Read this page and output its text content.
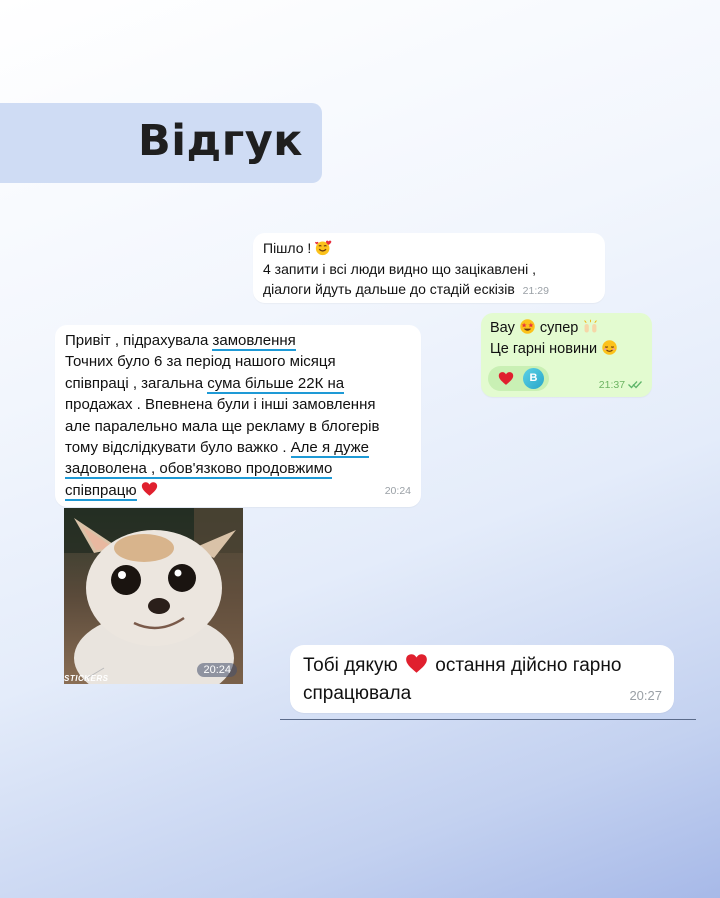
Відгук
Пішло !
4 запити і всі люди видно що зацікавлені ,
діалоги йдуть дальше до стадій ескізів 21:29
Вау супер
Це гарні новини
В
21:37
Привіт , підрахувала замовлення
Точних було 6 за період нашого місяця
співпраці , загальна сума більше 22К на
продажах . Впевнена були і інші замовлення
але паралельно мала ще рекламу в блогерів
тому відслідкувати було важко . Але я дуже
задоволена , обов'язково продовжимо
співпрацю	20:24
STICKERS
20:24	Тобі дякую остання дійсно гарно
спрацювала	20:27
